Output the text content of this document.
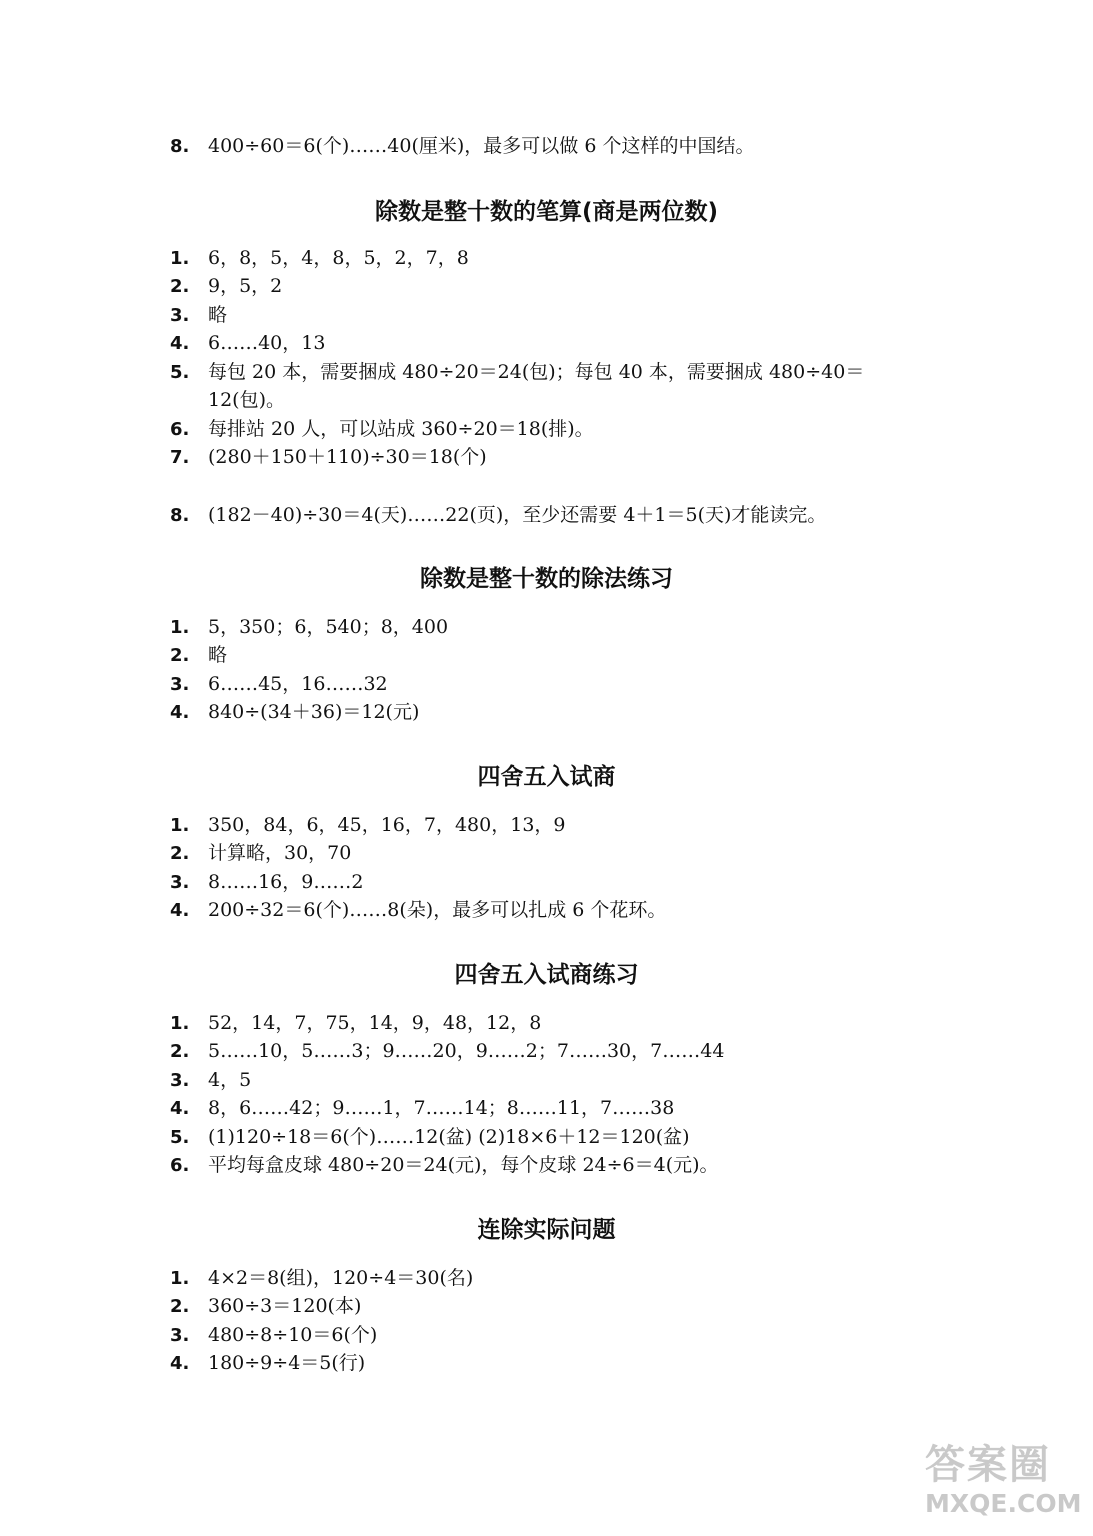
8. 400÷60＝6(个)……40(厘米)，最多可以做 6 个这样的中国结。
除数是整十数的笔算(商是两位数)
1. 6，8，5，4，8，5，2，7，8
2. 9，5，2
3. 略
4. 6……40，13
5. 每包 20 本，需要捆成 480÷20＝24(包)；每包 40 本，需要捆成 480÷40＝
12(包)。
6. 每排站 20 人，可以站成 360÷20＝18(排)。
7. (280＋150＋110)÷30＝18(个)
8. (182－40)÷30＝4(天)……22(页)，至少还需要 4＋1＝5(天)才能读完。
除数是整十数的除法练习
1. 5，350；6，540；8，400
2. 略
3. 6……45，16……32
4. 840÷(34＋36)＝12(元)
四舍五入试商
1. 350，84，6，45，16，7，480，13，9
2. 计算略，30，70
3. 8……16，9……2
4. 200÷32＝6(个)……8(朵)，最多可以扎成 6 个花环。
四舍五入试商练习
1. 52，14，7，75，14，9，48，12，8
2. 5……10，5……3；9……20，9……2；7……30，7……44
3. 4，5
4. 8，6……42；9……1，7……14；8……11，7……38
5. (1)120÷18＝6(个)……12(盆) (2)18×6＋12＝120(盆)
6. 平均每盒皮球 480÷20＝24(元)，每个皮球 24÷6＝4(元)。
连除实际问题
1. 4×2＝8(组)，120÷4＝30(名)
2. 360÷3＝120(本)
3. 480÷8÷10＝6(个)
4. 180÷9÷4＝5(行)
答案圈
MXQE.COM
